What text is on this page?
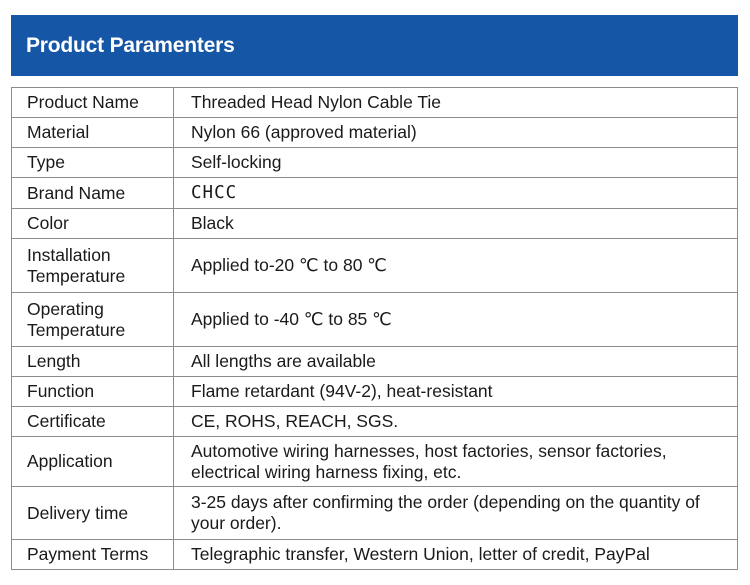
Product Paramenters
Product Name	Threaded Head Nylon Cable Tie
Material	Nylon 66 (approved material)
Type	Self-locking
Brand Name	CHCC
Color	Black
Installation Temperature	Applied to-20 ℃ to 80 ℃
Operating Temperature	Applied to -40 ℃ to 85 ℃
Length	All lengths are available
Function	Flame retardant (94V-2), heat-resistant
Certificate	CE, ROHS, REACH, SGS.
Application	Automotive wiring harnesses, host factories, sensor factories, electrical wiring harness fixing, etc.
Delivery time	3-25 days after confirming the order (depending on the quantity of your order).
Payment Terms	Telegraphic transfer, Western Union, letter of credit, PayPal
